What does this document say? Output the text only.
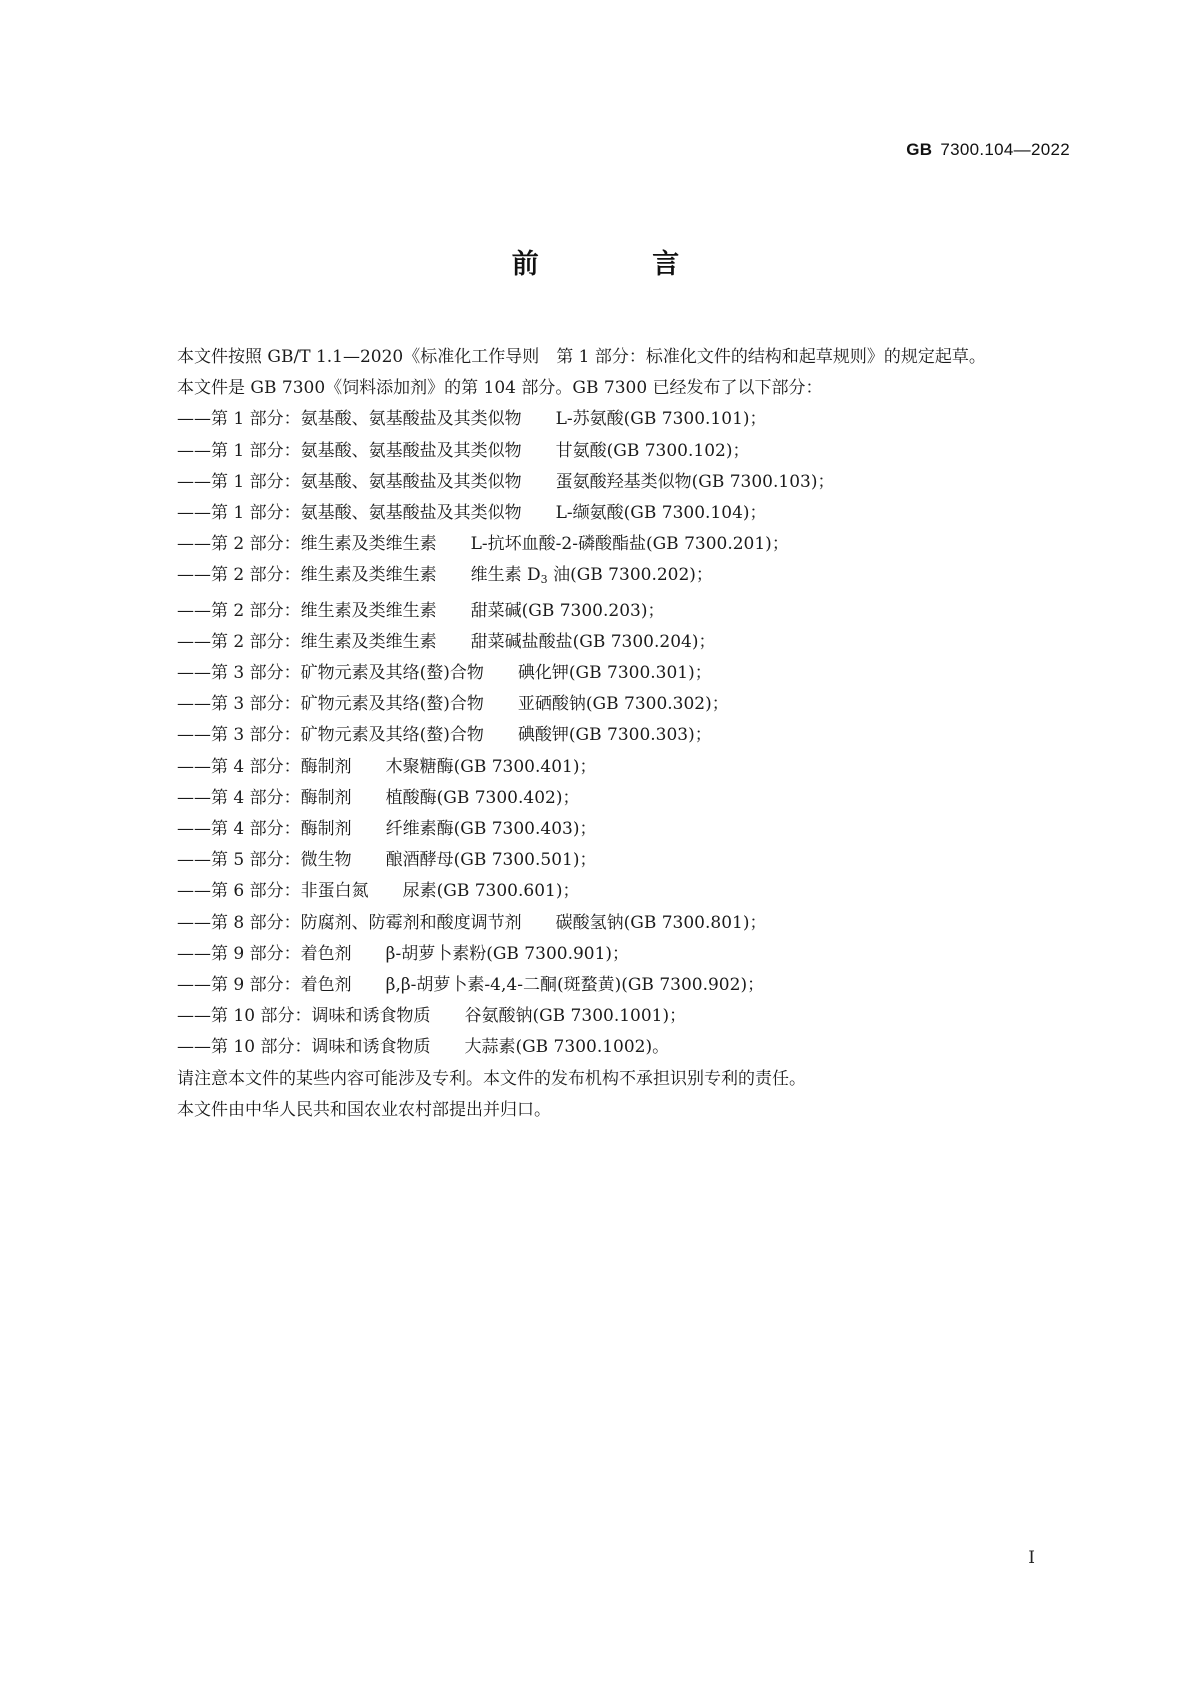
GB 7300.104—2022
前 言

本文件按照 GB/T 1.1—2020《标准化工作导则　第 1 部分：标准化文件的结构和起草规则》的规定起草。

本文件是 GB 7300《饲料添加剂》的第 104 部分。GB 7300 已经发布了以下部分：

——第 1 部分：氨基酸、氨基酸盐及其类似物 L-苏氨酸(GB 7300.101)；
——第 1 部分：氨基酸、氨基酸盐及其类似物 甘氨酸(GB 7300.102)；
——第 1 部分：氨基酸、氨基酸盐及其类似物 蛋氨酸羟基类似物(GB 7300.103)；
——第 1 部分：氨基酸、氨基酸盐及其类似物 L-缬氨酸(GB 7300.104)；
——第 2 部分：维生素及类维生素 L-抗坏血酸-2-磷酸酯盐(GB 7300.201)；
——第 2 部分：维生素及类维生素 维生素 $D_3$ 油(GB 7300.202)；
——第 2 部分：维生素及类维生素 甜菜碱(GB 7300.203)；
——第 2 部分：维生素及类维生素 甜菜碱盐酸盐(GB 7300.204)；
——第 3 部分：矿物元素及其络(螯)合物 碘化钾(GB 7300.301)；
——第 3 部分：矿物元素及其络(螯)合物 亚硒酸钠(GB 7300.302)；
——第 3 部分：矿物元素及其络(螯)合物 碘酸钾(GB 7300.303)；
——第 4 部分：酶制剂 木聚糖酶(GB 7300.401)；
——第 4 部分：酶制剂 植酸酶(GB 7300.402)；
——第 4 部分：酶制剂 纤维素酶(GB 7300.403)；
——第 5 部分：微生物 酿酒酵母(GB 7300.501)；
——第 6 部分：非蛋白氮 尿素(GB 7300.601)；
——第 8 部分：防腐剂、防霉剂和酸度调节剂 碳酸氢钠(GB 7300.801)；
——第 9 部分：着色剂 β-胡萝卜素粉(GB 7300.901)；
——第 9 部分：着色剂 β,β-胡萝卜素-4,4-二酮(斑蝥黄)(GB 7300.902)；
——第 10 部分：调味和诱食物质 谷氨酸钠(GB 7300.1001)；
——第 10 部分：调味和诱食物质 大蒜素(GB 7300.1002)。

请注意本文件的某些内容可能涉及专利。本文件的发布机构不承担识别专利的责任。

本文件由中华人民共和国农业农村部提出并归口。

I
